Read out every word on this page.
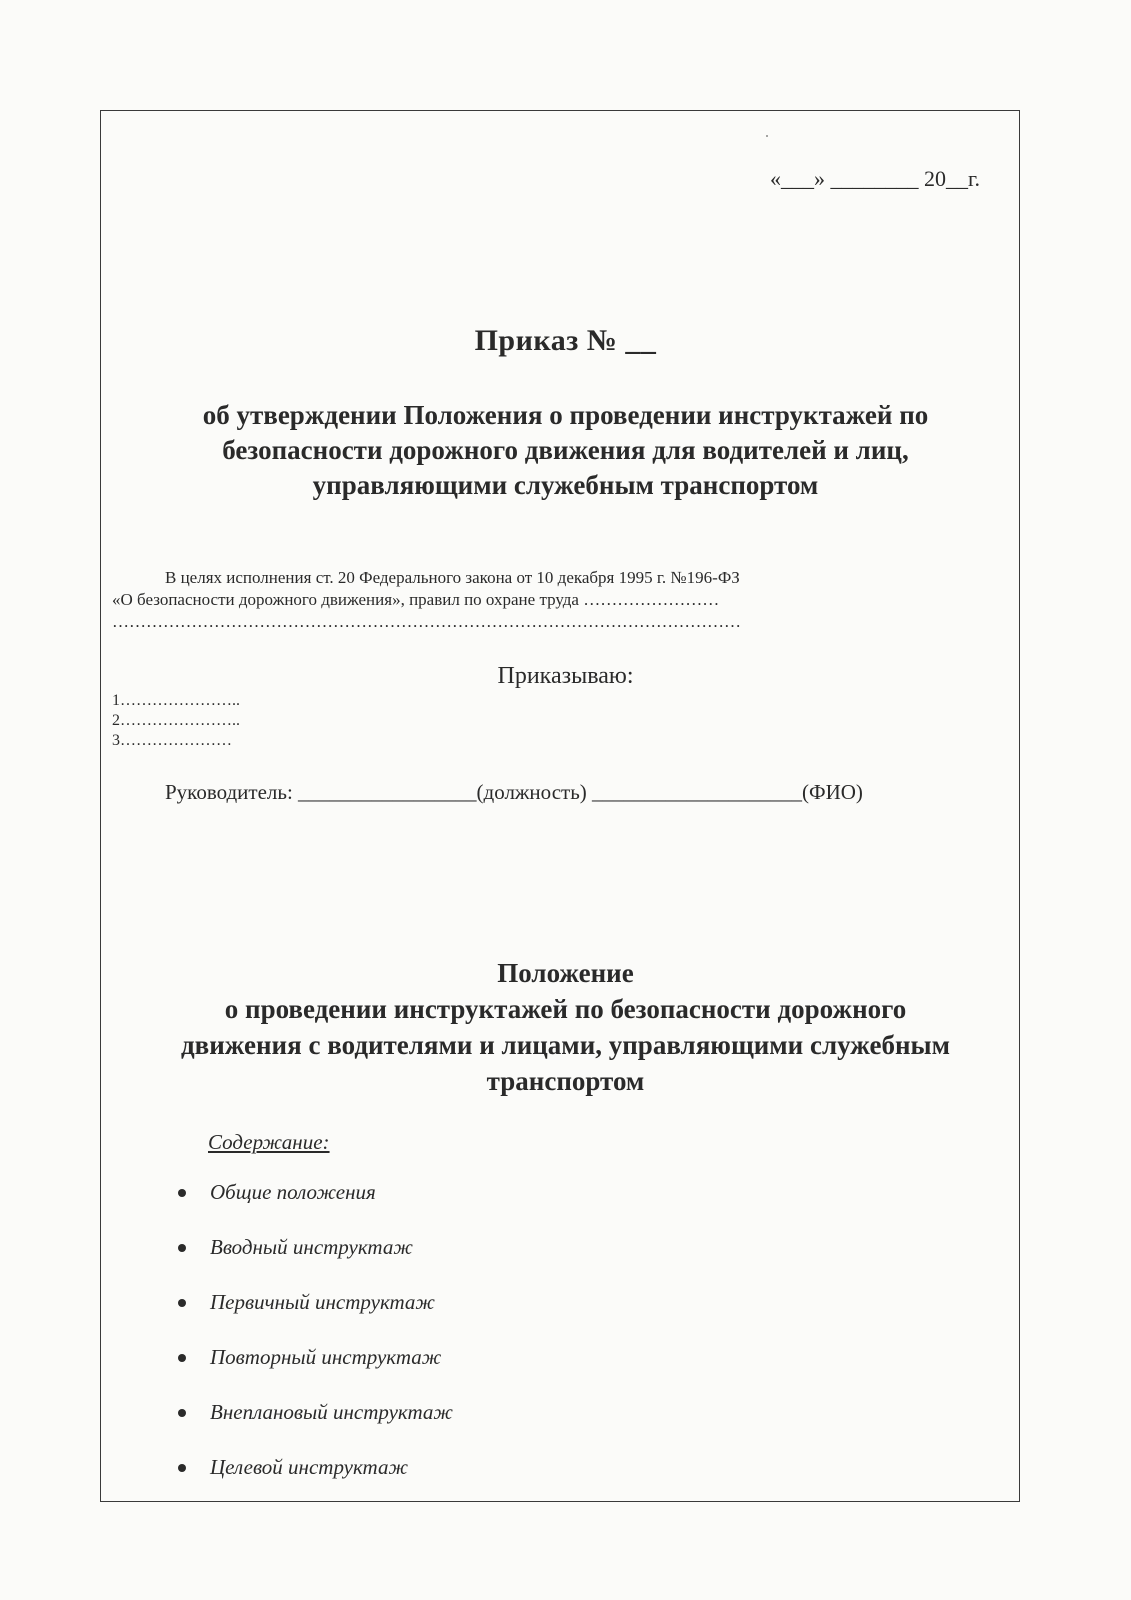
«___» ________ 20__г.
Приказ № __
об утверждении Положения о проведении инструктажей по
безопасности дорожного движения для водителей и лиц,
управляющими служебным транспортом
В целях исполнения ст. 20 Федерального закона от 10 декабря 1995 г. №196-ФЗ
«О безопасности дорожного движения», правил по охране труда ……………………
…………………………………………………………………………………………………
Приказываю:
1…………………..
2…………………..
3…………………
Руководитель: _________________(должность) ____________________(ФИО)
Положение
о проведении инструктажей по безопасности дорожного
движения с водителями и лицами, управляющими служебным
транспортом
Содержание:
Общие положения
Вводный инструктаж
Первичный инструктаж
Повторный инструктаж
Внеплановый инструктаж
Целевой инструктаж
